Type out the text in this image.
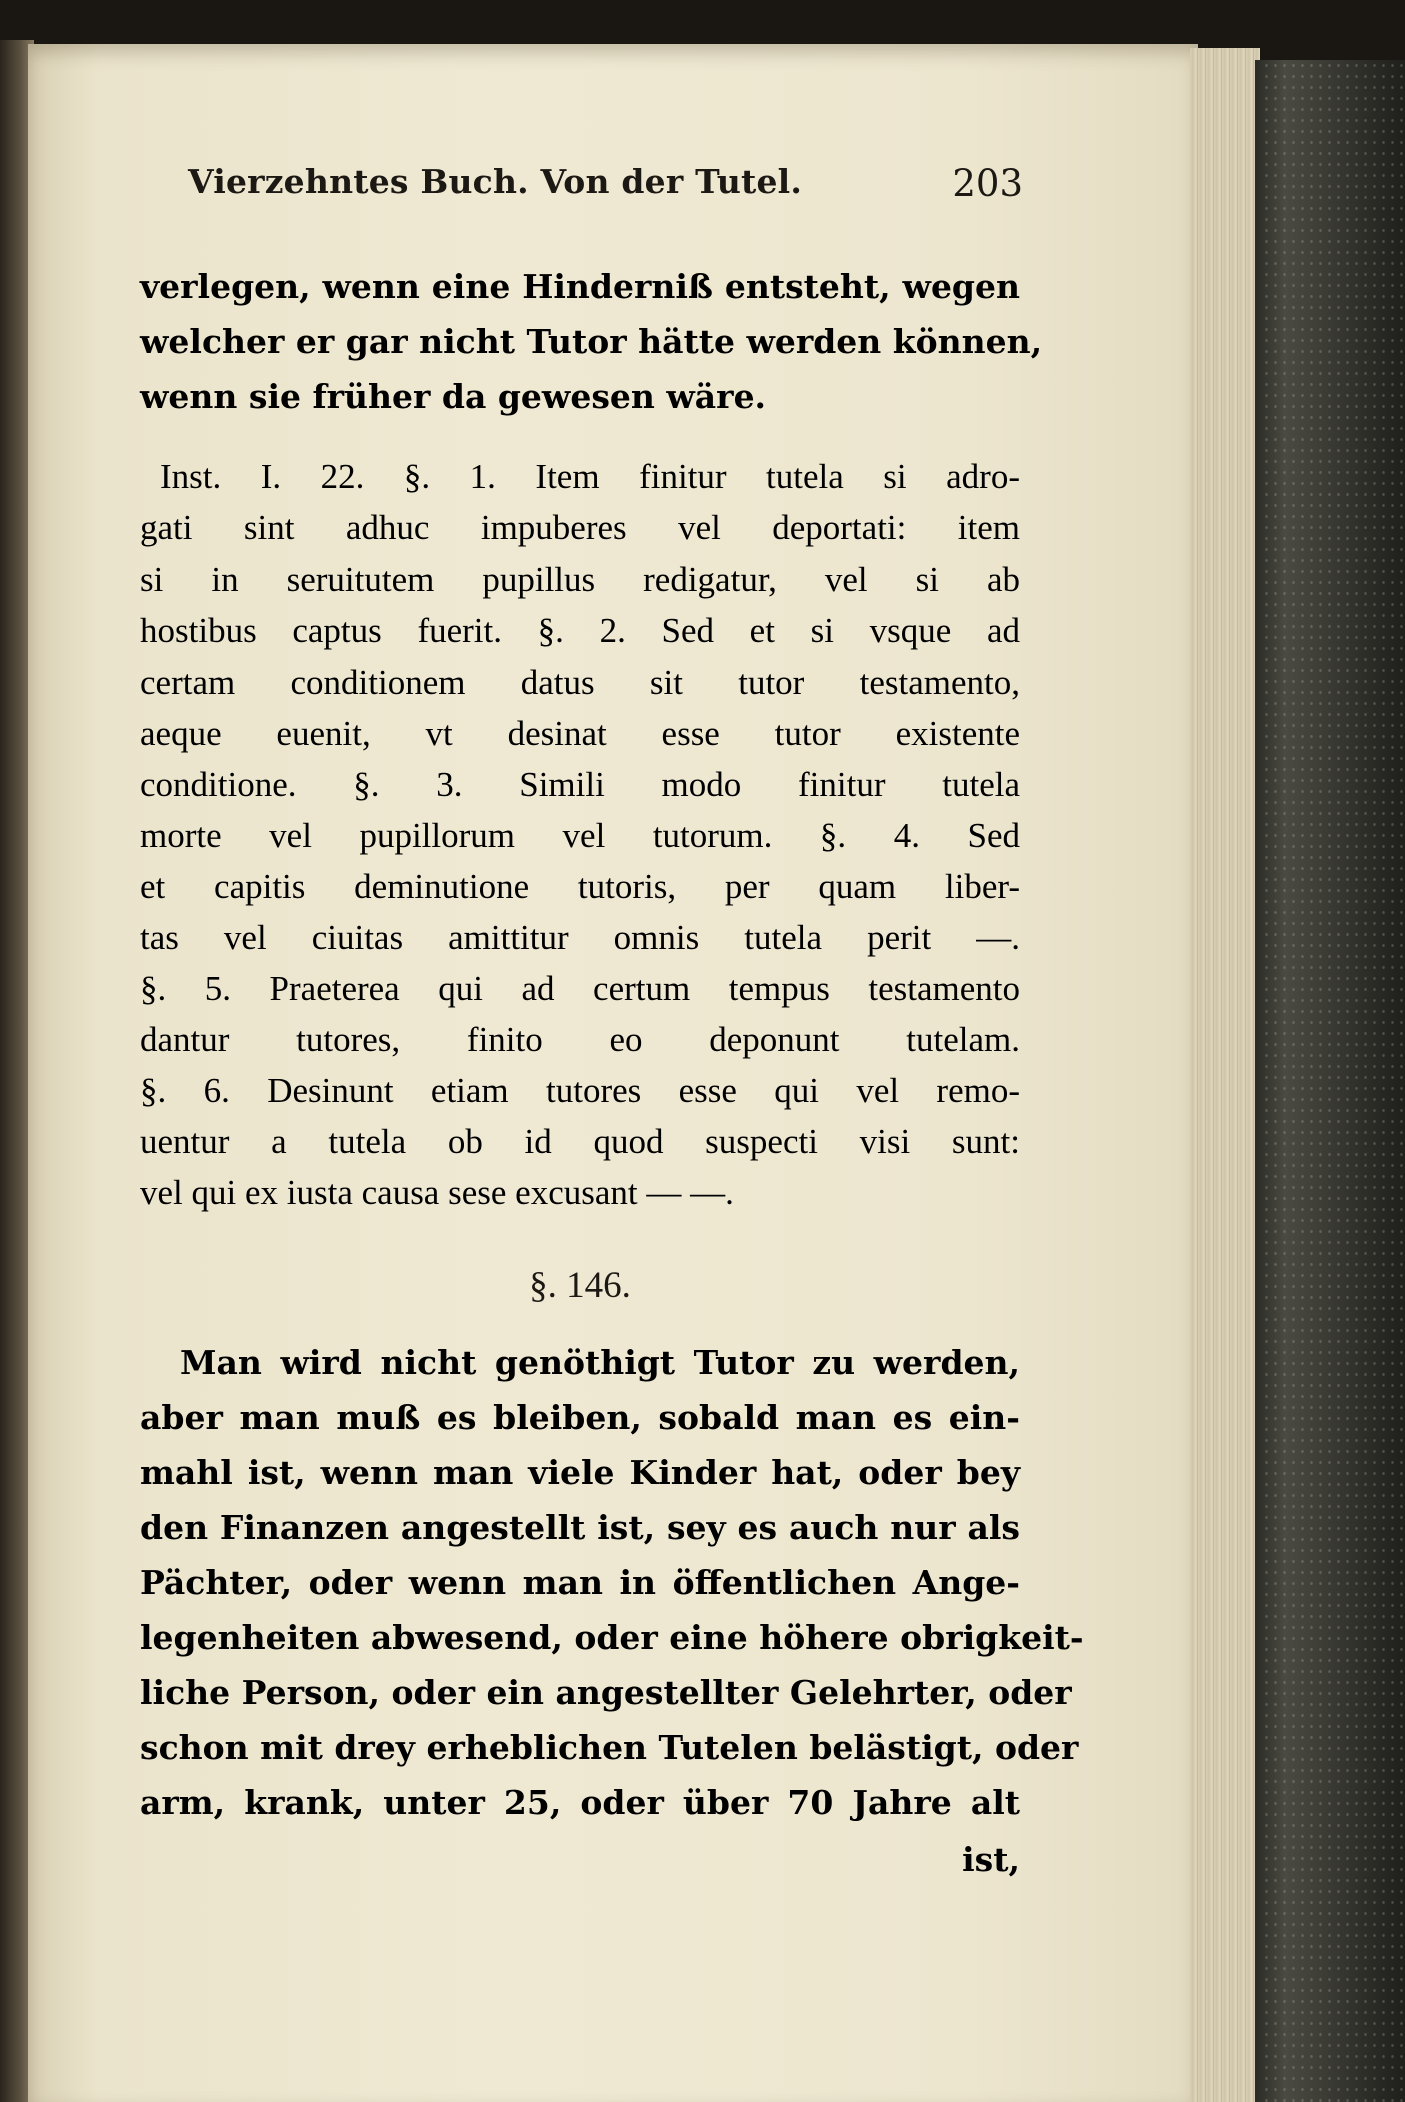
Vierzehntes Buch. Von der Tutel.	203
verlegen, wenn eine Hinderniß entsteht, wegen
welcher er gar nicht Tutor hätte werden können,
wenn sie früher da gewesen wäre.
Inst. I. 22. §. 1. Item finitur tutela si adro-
gati sint adhuc impuberes vel deportati: item
si in seruitutem pupillus redigatur, vel si ab
hostibus captus fuerit. §. 2. Sed et si vsque ad
certam conditionem datus sit tutor testamento,
aeque euenit, vt desinat esse tutor existente
conditione. §. 3. Simili modo finitur tutela
morte vel pupillorum vel tutorum. §. 4. Sed
et capitis deminutione tutoris, per quam liber-
tas vel ciuitas amittitur omnis tutela perit —.
§. 5. Praeterea qui ad certum tempus testamento
dantur tutores, finito eo deponunt tutelam.
§. 6. Desinunt etiam tutores esse qui vel remo-
uentur a tutela ob id quod suspecti visi sunt:
vel qui ex iusta causa sese excusant — —.
§. 146.
Man wird nicht genöthigt Tutor zu werden,
aber man muß es bleiben, sobald man es ein-
mahl ist, wenn man viele Kinder hat, oder bey
den Finanzen angestellt ist, sey es auch nur als
Pächter, oder wenn man in öffentlichen Ange-
legenheiten abwesend, oder eine höhere obrigkeit-
liche Person, oder ein angestellter Gelehrter, oder
schon mit drey erheblichen Tutelen belästigt, oder
arm, krank, unter 25, oder über 70 Jahre alt
ist,
